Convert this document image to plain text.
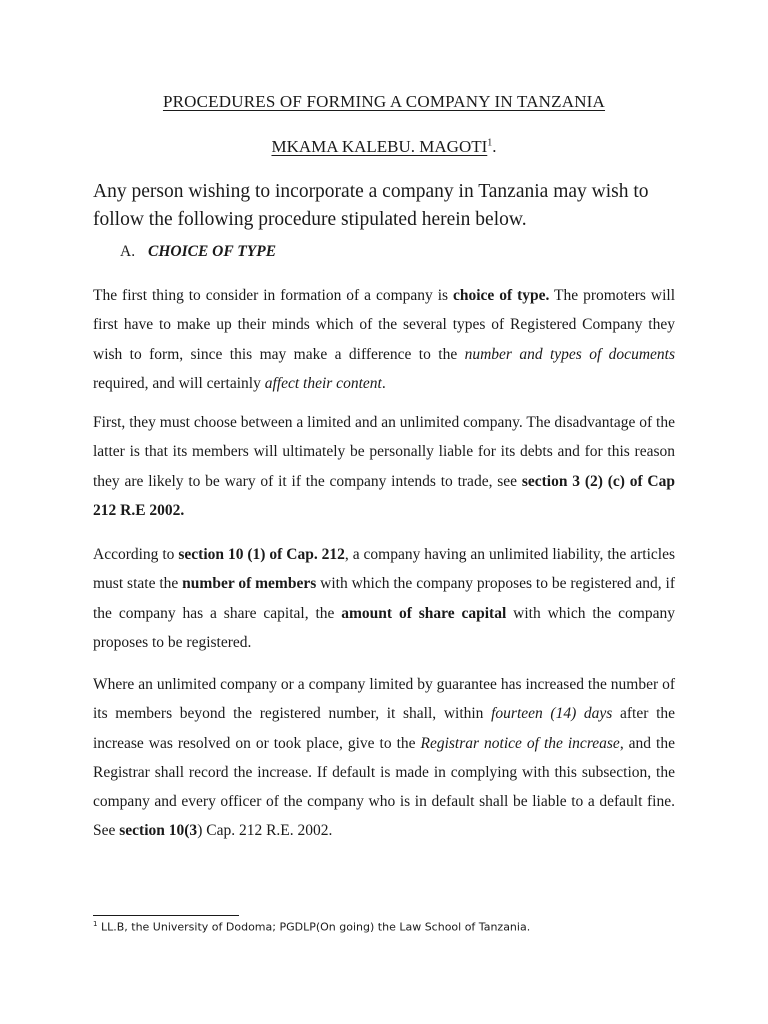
PROCEDURES OF FORMING A COMPANY IN TANZANIA
MKAMA KALEBU. MAGOTI$^1$.

Any person wishing to incorporate a company in Tanzania may wish to follow the following procedure stipulated herein below.

A. CHOICE OF TYPE

The first thing to consider in formation of a company is choice of type. The promoters will first have to make up their minds which of the several types of Registered Company they wish to form, since this may make a difference to the number and types of documents required, and will certainly affect their content.

First, they must choose between a limited and an unlimited company. The disadvantage of the latter is that its members will ultimately be personally liable for its debts and for this reason they are likely to be wary of it if the company intends to trade, see section 3 (2) (c) of Cap 212 R.E 2002.

According to section 10 (1) of Cap. 212, a company having an unlimited liability, the articles must state the number of members with which the company proposes to be registered and, if the company has a share capital, the amount of share capital with which the company proposes to be registered.

Where an unlimited company or a company limited by guarantee has increased the number of its members beyond the registered number, it shall, within fourteen (14) days after the increase was resolved on or took place, give to the Registrar notice of the increase, and the Registrar shall record the increase. If default is made in complying with this subsection, the company and every officer of the company who is in default shall be liable to a default fine. See section 10(3) Cap. 212 R.E. 2002.

$^1$ LL.B, the University of Dodoma; PGDLP(On going) the Law School of Tanzania.
